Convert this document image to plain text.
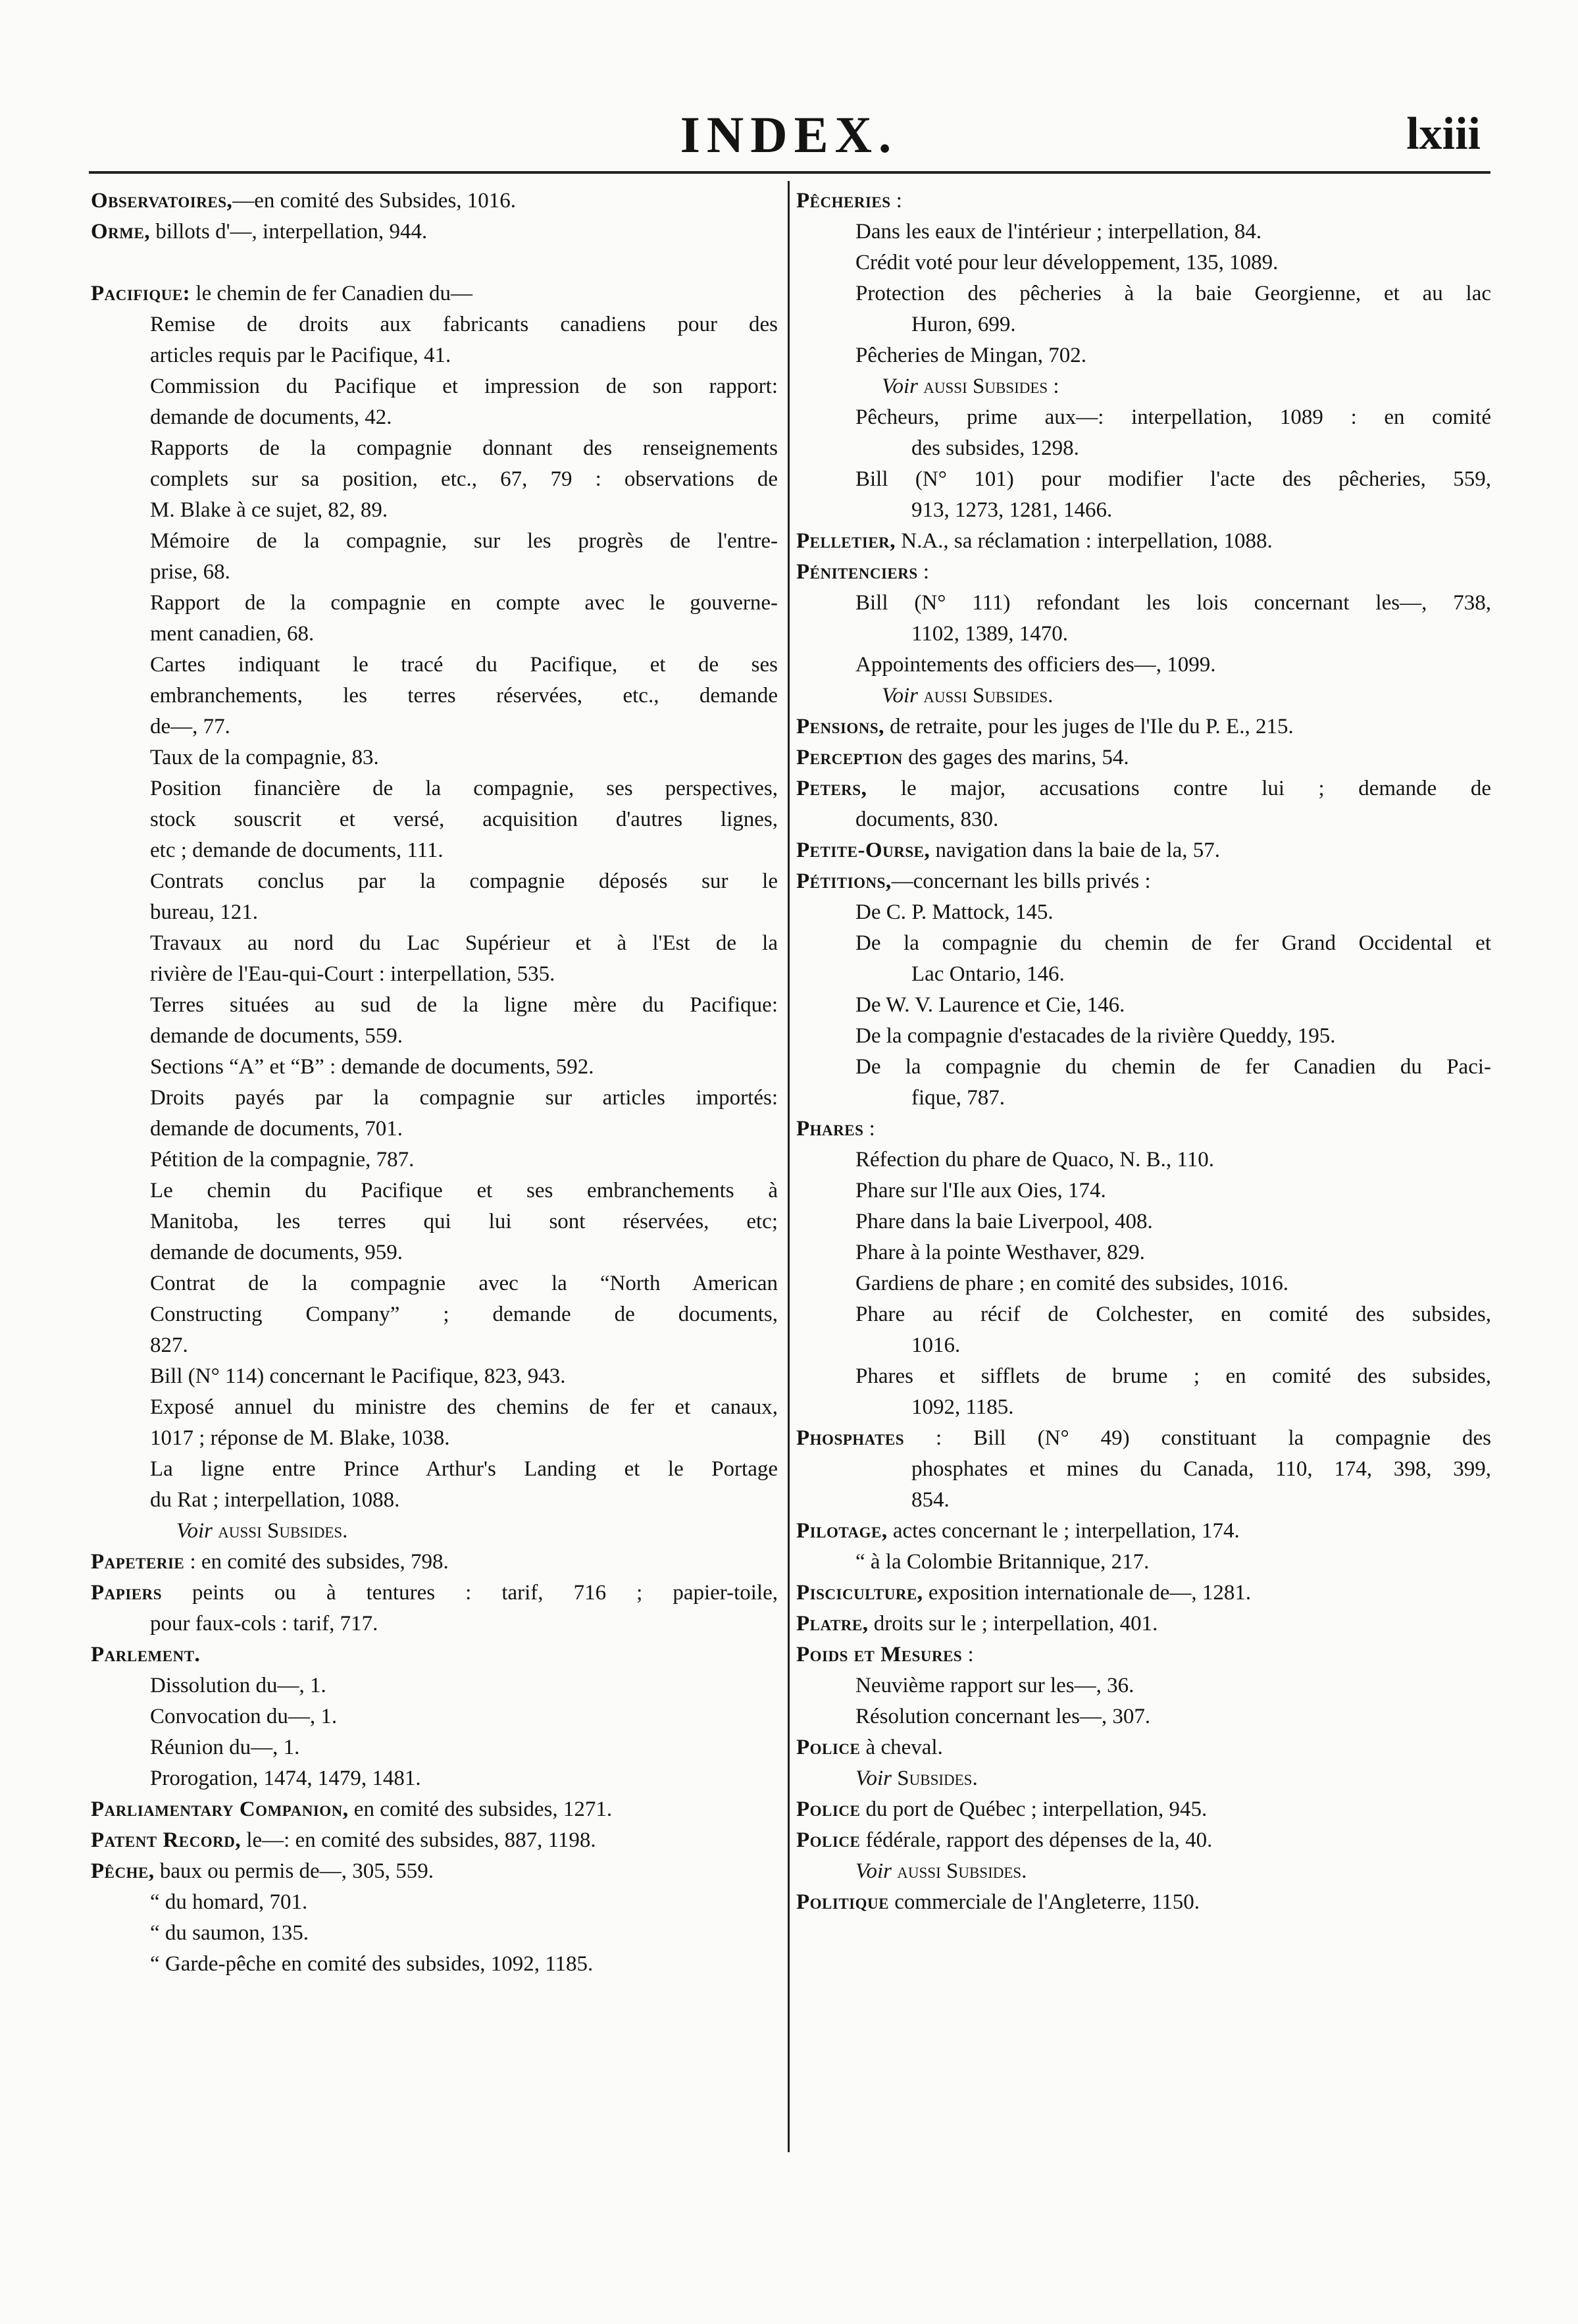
INDEX.	lxiii
Observatoires,—en comité des Subsides, 1016.
Orme, billots d'—, interpellation, 944.
Pacifique: le chemin de fer Canadien du—
Remise de droits aux fabricants canadiens pour des
articles requis par le Pacifique, 41.
Commission du Pacifique et impression de son rapport:
demande de documents, 42.
Rapports de la compagnie donnant des renseignements
complets sur sa position, etc., 67, 79 : observations de
M. Blake à ce sujet, 82, 89.
Mémoire de la compagnie, sur les progrès de l'entre-
prise, 68.
Rapport de la compagnie en compte avec le gouverne-
ment canadien, 68.
Cartes indiquant le tracé du Pacifique, et de ses
embranchements, les terres réservées, etc., demande
de—, 77.
Taux de la compagnie, 83.
Position financière de la compagnie, ses perspectives,
stock souscrit et versé, acquisition d'autres lignes,
etc ; demande de documents, 111.
Contrats conclus par la compagnie déposés sur le
bureau, 121.
Travaux au nord du Lac Supérieur et à l'Est de la
rivière de l'Eau-qui-Court : interpellation, 535.
Terres situées au sud de la ligne mère du Pacifique:
demande de documents, 559.
Sections “A” et “B” : demande de documents, 592.
Droits payés par la compagnie sur articles importés:
demande de documents, 701.
Pétition de la compagnie, 787.
Le chemin du Pacifique et ses embranchements à
Manitoba, les terres qui lui sont réservées, etc;
demande de documents, 959.
Contrat de la compagnie avec la “North American
Constructing Company” ; demande de documents,
827.
Bill (N° 114) concernant le Pacifique, 823, 943.
Exposé annuel du ministre des chemins de fer et canaux,
1017 ; réponse de M. Blake, 1038.
La ligne entre Prince Arthur's Landing et le Portage
du Rat ; interpellation, 1088.
Voir aussi Subsides.
Papeterie : en comité des subsides, 798.
Papiers peints ou à tentures : tarif, 716 ; papier-toile,
pour faux-cols : tarif, 717.
Parlement.
Dissolution du—, 1.
Convocation du—, 1.
Réunion du—, 1.
Prorogation, 1474, 1479, 1481.
Parliamentary Companion, en comité des subsides, 1271.
Patent Record, le—: en comité des subsides, 887, 1198.
Pêche, baux ou permis de—, 305, 559.
“ du homard, 701.
“ du saumon, 135.
“ Garde-pêche en comité des subsides, 1092, 1185.
Pêcheries :
Dans les eaux de l'intérieur ; interpellation, 84.
Crédit voté pour leur développement, 135, 1089.
Protection des pêcheries à la baie Georgienne, et au lac
Huron, 699.
Pêcheries de Mingan, 702.
Voir aussi Subsides :
Pêcheurs, prime aux—: interpellation, 1089 : en comité
des subsides, 1298.
Bill (N° 101) pour modifier l'acte des pêcheries, 559,
913, 1273, 1281, 1466.
Pelletier, N.A., sa réclamation : interpellation, 1088.
Pénitenciers :
Bill (N° 111) refondant les lois concernant les—, 738,
1102, 1389, 1470.
Appointements des officiers des—, 1099.
Voir aussi Subsides.
Pensions, de retraite, pour les juges de l'Ile du P. E., 215.
Perception des gages des marins, 54.
Peters, le major, accusations contre lui ; demande de
documents, 830.
Petite-Ourse, navigation dans la baie de la, 57.
Pétitions,—concernant les bills privés :
De C. P. Mattock, 145.
De la compagnie du chemin de fer Grand Occidental et
Lac Ontario, 146.
De W. V. Laurence et Cie, 146.
De la compagnie d'estacades de la rivière Queddy, 195.
De la compagnie du chemin de fer Canadien du Paci-
fique, 787.
Phares :
Réfection du phare de Quaco, N. B., 110.
Phare sur l'Ile aux Oies, 174.
Phare dans la baie Liverpool, 408.
Phare à la pointe Westhaver, 829.
Gardiens de phare ; en comité des subsides, 1016.
Phare au récif de Colchester, en comité des subsides,
1016.
Phares et sifflets de brume ; en comité des subsides,
1092, 1185.
Phosphates : Bill (N° 49) constituant la compagnie des
phosphates et mines du Canada, 110, 174, 398, 399,
854.
Pilotage, actes concernant le ; interpellation, 174.
“ à la Colombie Britannique, 217.
Pisciculture, exposition internationale de—, 1281.
Platre, droits sur le ; interpellation, 401.
Poids et Mesures :
Neuvième rapport sur les—, 36.
Résolution concernant les—, 307.
Police à cheval.
Voir Subsides.
Police du port de Québec ; interpellation, 945.
Police fédérale, rapport des dépenses de la, 40.
Voir aussi Subsides.
Politique commerciale de l'Angleterre, 1150.
